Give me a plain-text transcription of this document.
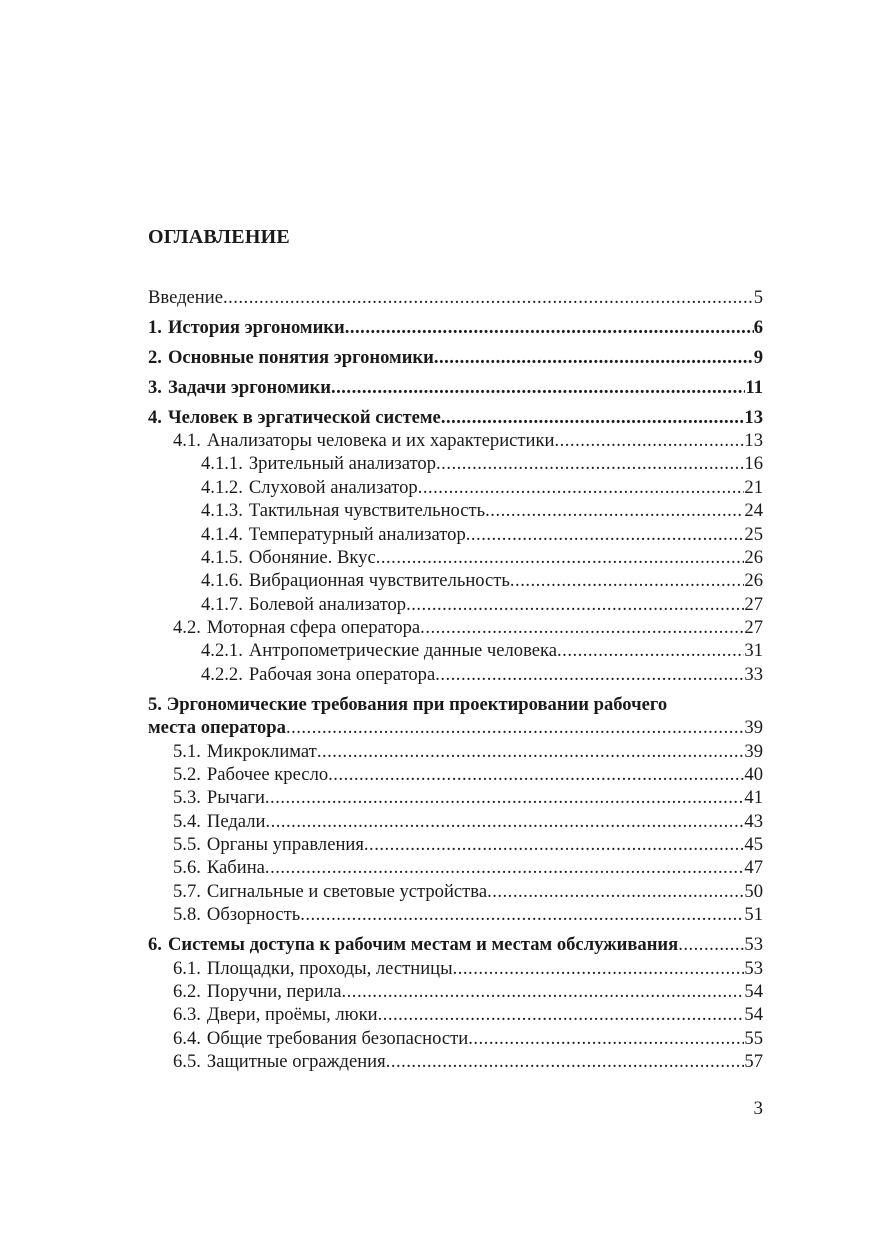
ОГЛАВЛЕНИЕ
Введение .....	5
1. История эргономики .....	6
2. Основные понятия эргономики .....	9
3. Задачи эргономики .....	11
4. Человек в эргатической системе .....	13
4.1. Анализаторы человека и их характеристики .....	13
4.1.1. Зрительный анализатор .....	16
4.1.2. Слуховой анализатор .....	21
4.1.3. Тактильная чувствительность .....	24
4.1.4. Температурный анализатор .....	25
4.1.5. Обоняние. Вкус .....	26
4.1.6. Вибрационная чувствительность .....	26
4.1.7. Болевой анализатор .....	27
4.2. Моторная сфера оператора .....	27
4.2.1. Антропометрические данные человека .....	31
4.2.2. Рабочая зона оператора .....	33
5. Эргономические требования при проектировании рабочего
места оператора .....	39
5.1. Микроклимат .....	39
5.2. Рабочее кресло .....	40
5.3. Рычаги .....	41
5.4. Педали .....	43
5.5. Органы управления .....	45
5.6. Кабина .....	47
5.7. Сигнальные и световые устройства .....	50
5.8. Обзорность .....	51
6. Системы доступа к рабочим местам и местам обслуживания .....	53
6.1. Площадки, проходы, лестницы .....	53
6.2. Поручни, перила .....	54
6.3. Двери, проёмы, люки .....	54
6.4. Общие требования безопасности .....	55
6.5. Защитные ограждения .....	57
3
